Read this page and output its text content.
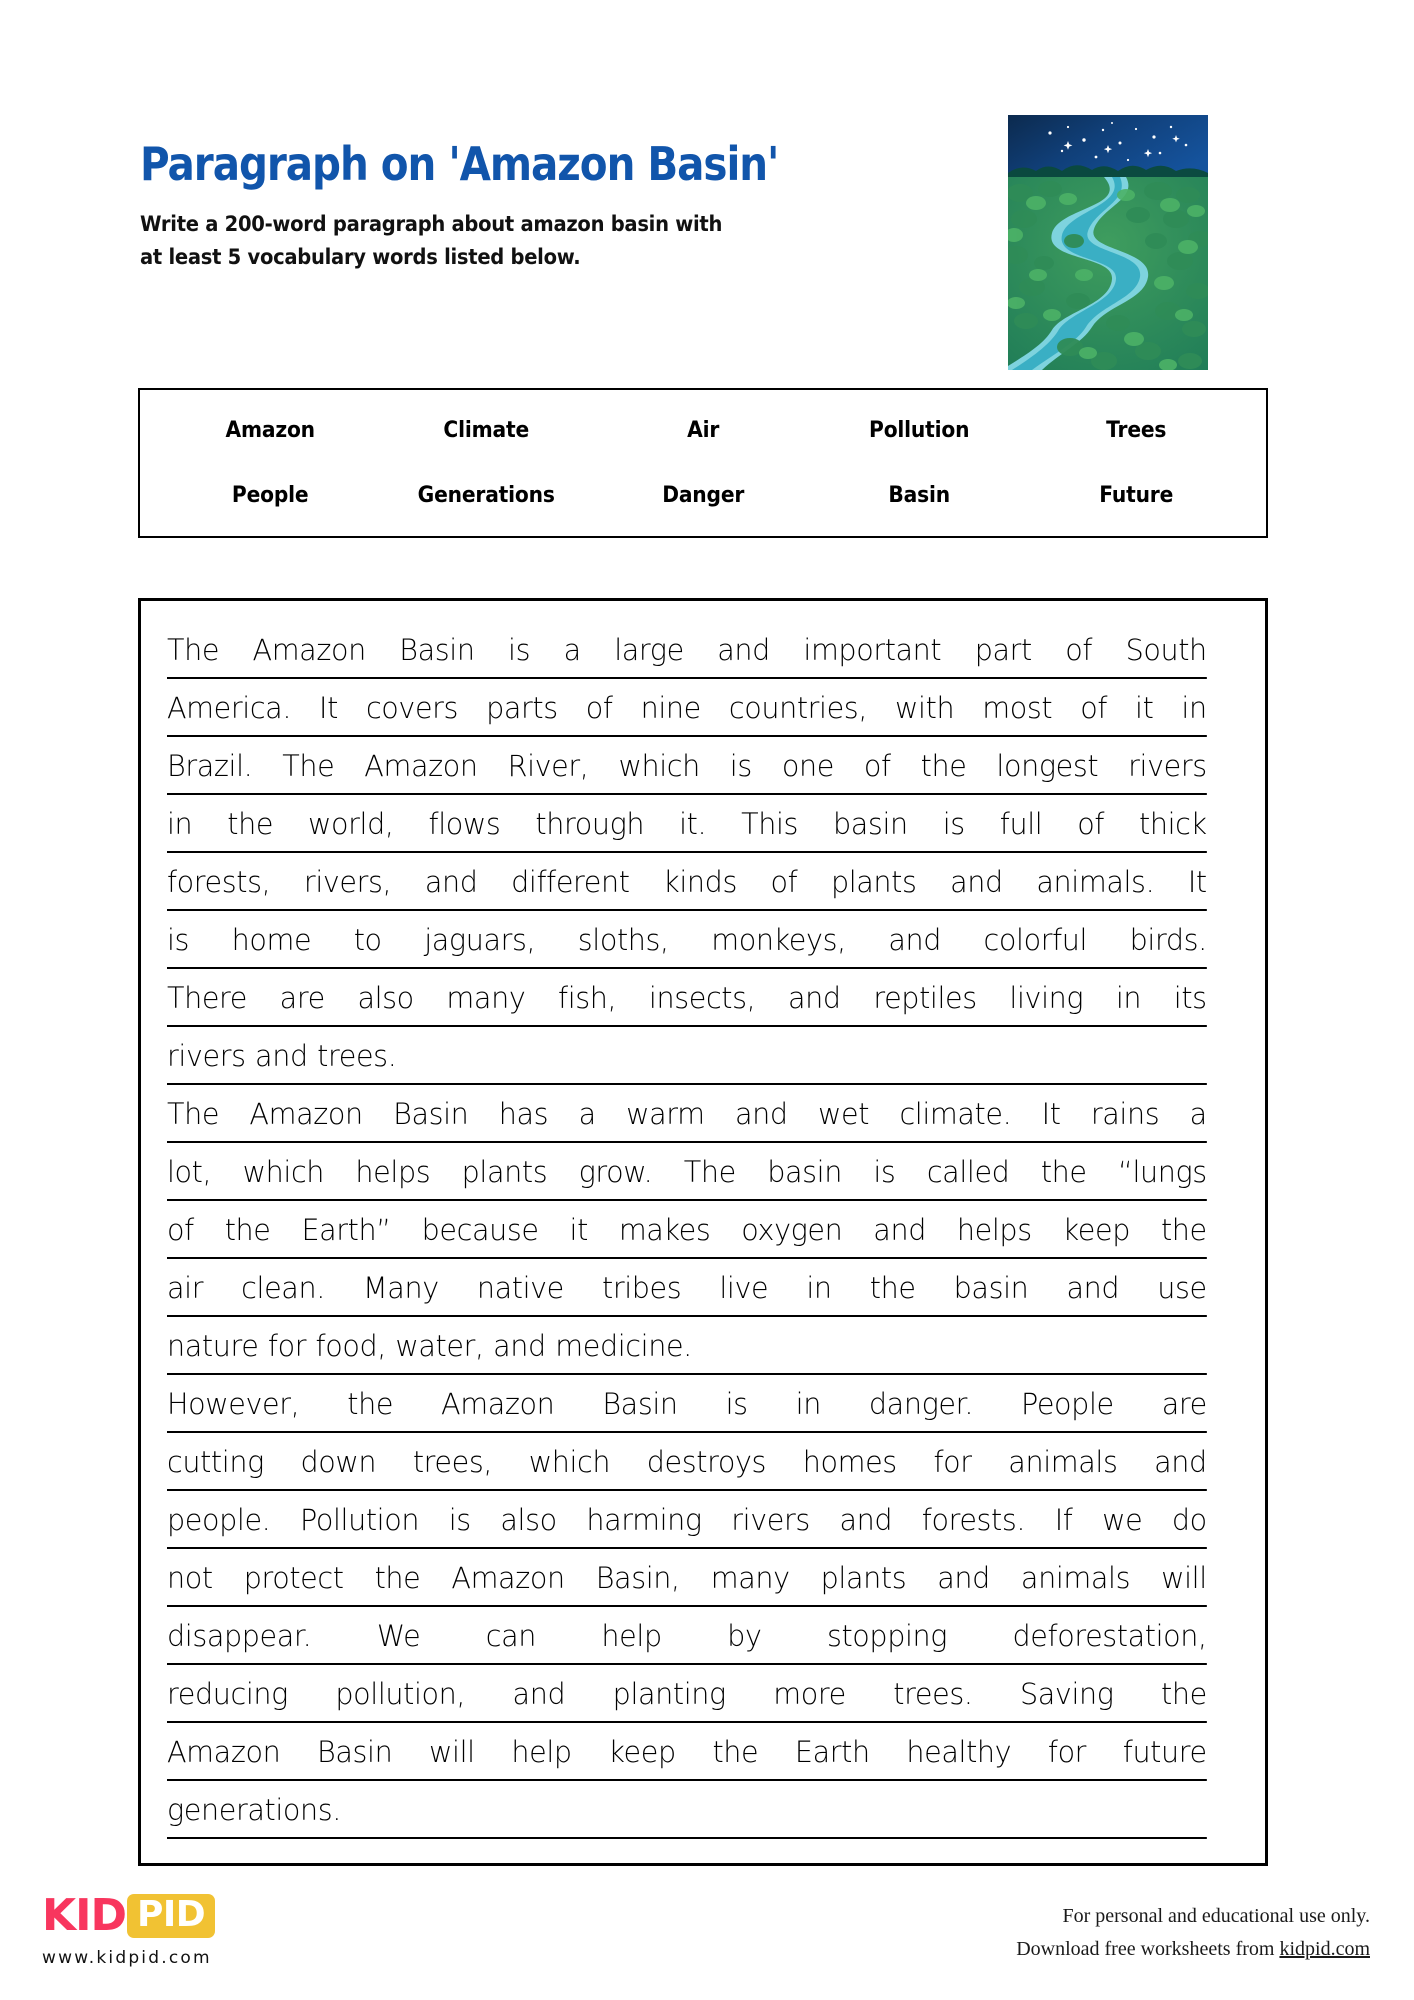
Paragraph on 'Amazon Basin'
Write a 200-word paragraph about amazon basin with
at least 5 vocabulary words listed below.
Amazon	Climate	Air	Pollution	Trees
People	Generations	Danger	Basin	Future
The Amazon Basin is a large and important part of South
America. It covers parts of nine countries, with most of it in
Brazil. The Amazon River, which is one of the longest rivers
in the world, flows through it. This basin is full of thick
forests, rivers, and different kinds of plants and animals. It
is home to jaguars, sloths, monkeys, and colorful birds.
There are also many fish, insects, and reptiles living in its
rivers and trees.
The Amazon Basin has a warm and wet climate. It rains a
lot, which helps plants grow. The basin is called the “lungs
of the Earth” because it makes oxygen and helps keep the
air clean. Many native tribes live in the basin and use
nature for food, water, and medicine.
However, the Amazon Basin is in danger. People are
cutting down trees, which destroys homes for animals and
people. Pollution is also harming rivers and forests. If we do
not protect the Amazon Basin, many plants and animals will
disappear. We can help by stopping deforestation,
reducing pollution, and planting more trees. Saving the
Amazon Basin will help keep the Earth healthy for future
generations.
KID PID
www.kidpid.com
For personal and educational use only.
Download free worksheets from kidpid.com
